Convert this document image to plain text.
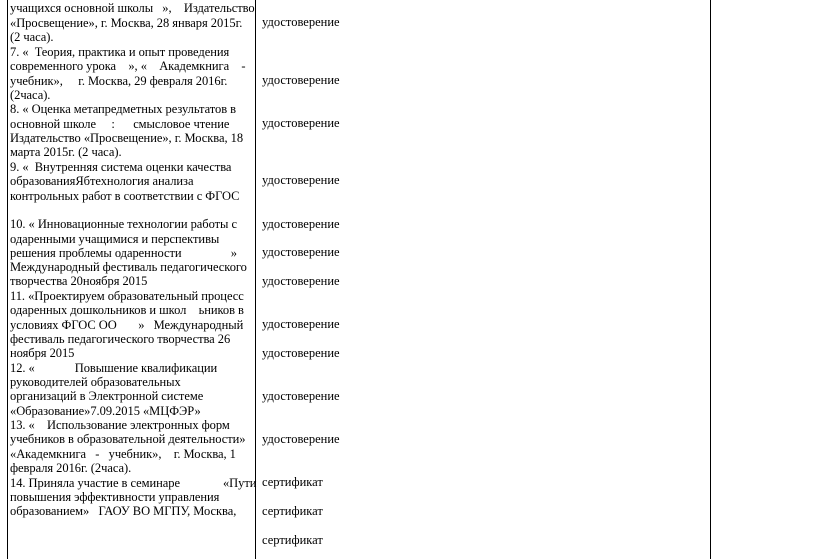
учащихся основной школы   »,    Издательство
«Просвещение», г. Москва, 28 января 2015г.
(2 часа).
7. «  Теория, практика и опыт проведения
современного урока    », «    Академкнига    -
учебник»,     г. Москва, 29 февраля 2016г.
(2часа).
8. « Оценка метапредметных результатов в
основной школе     :      смысловое чтение
Издательство «Просвещение», г. Москва, 18
марта 2015г. (2 часа).
9. «  Внутренняя система оценки качества
образованияЯбтехнология анализа
контрольных работ в соответствии с ФГОС
10. « Инновационные технологии работы с
одаренными учащимися и перспективы
решения проблемы одаренности                »
Международный фестиваль педагогического
творчества 20ноября 2015
11. «Проектируем образовательный процесс
одаренных дошкольников и школ    ьников в
условиях ФГОС ОО       »   Международный
фестиваль педагогического творчества 26
ноября 2015
12. «             Повышение квалификации
руководителей образовательных
организаций в Электронной системе
«Образование»7.09.2015 «МЦФЭР»
13. «    Использование электронных форм
учебников в образовательной деятельности»
«Академкнига   -   учебник»,    г. Москва, 1
февраля 2016г. (2часа).
14. Приняла участие в семинаре              «Пути
повышения эффективности управления
образованием»   ГАОУ ВО МГПУ, Москва,
удостоверение
удостоверение
удостоверение
удостоверение
удостоверение
удостоверение
удостоверение
удостоверение
удостоверение
удостоверение
удостоверение
сертификат
сертификат
сертификат
